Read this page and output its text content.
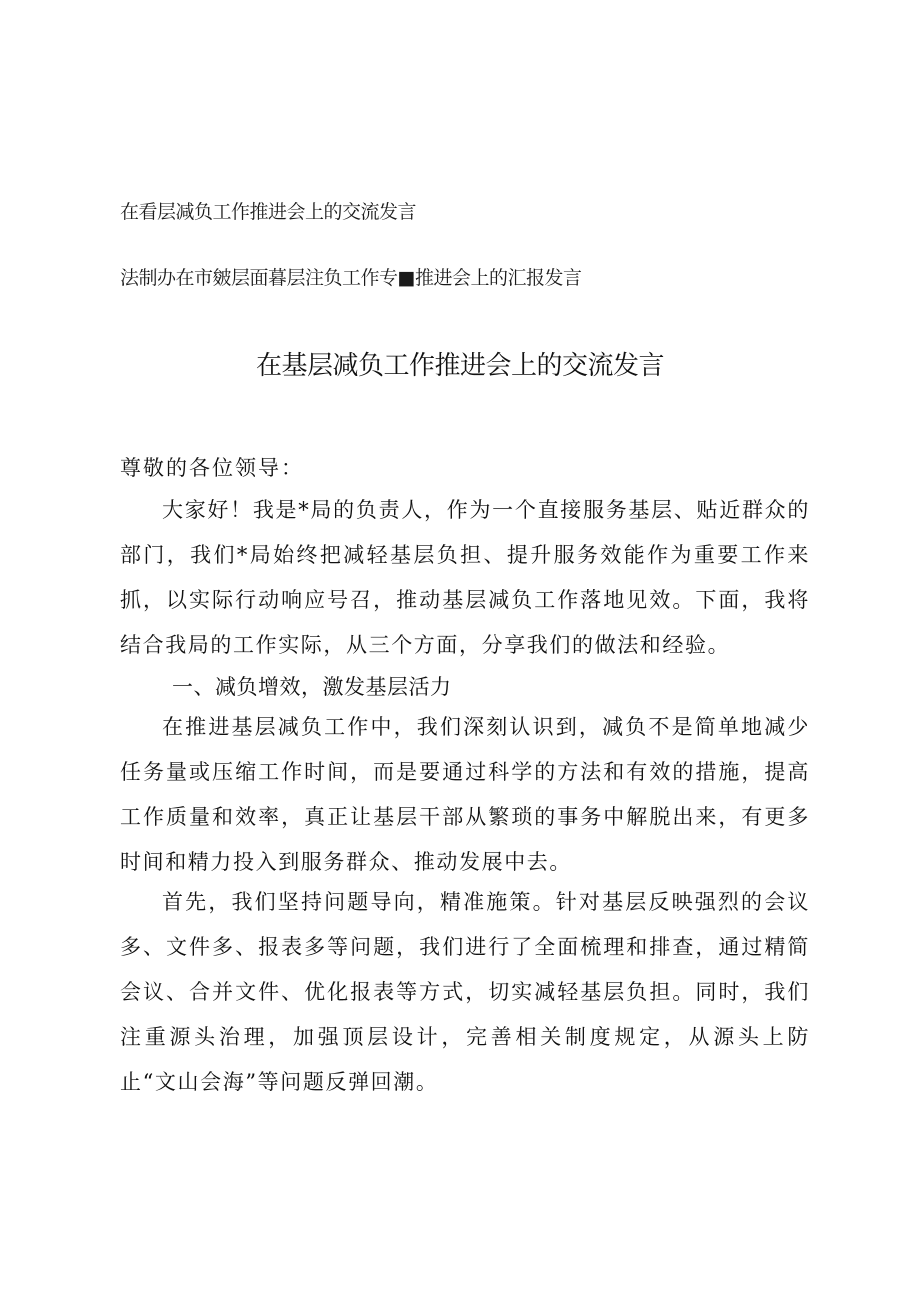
在看层减负工作推进会上的交流发言
法制办在市皴层面暮层注负工作专■推进会上的汇报发言
在基层减负工作推进会上的交流发言
尊敬的各位领导：
大家好！我是*局的负责人，作为一个直接服务基层、贴近群众的部门，我们*局始终把减轻基层负担、提升服务效能作为重要工作来抓，以实际行动响应号召，推动基层减负工作落地见效。下面，我将结合我局的工作实际，从三个方面，分享我们的做法和经验。
一、减负增效，激发基层活力
在推进基层减负工作中，我们深刻认识到，减负不是简单地减少任务量或压缩工作时间，而是要通过科学的方法和有效的措施，提高工作质量和效率，真正让基层干部从繁琐的事务中解脱出来，有更多时间和精力投入到服务群众、推动发展中去。
首先，我们坚持问题导向，精准施策。针对基层反映强烈的会议多、文件多、报表多等问题，我们进行了全面梳理和排查，通过精简会议、合并文件、优化报表等方式，切实减轻基层负担。同时，我们注重源头治理，加强顶层设计，完善相关制度规定，从源头上防止“文山会海”等问题反弹回潮。
